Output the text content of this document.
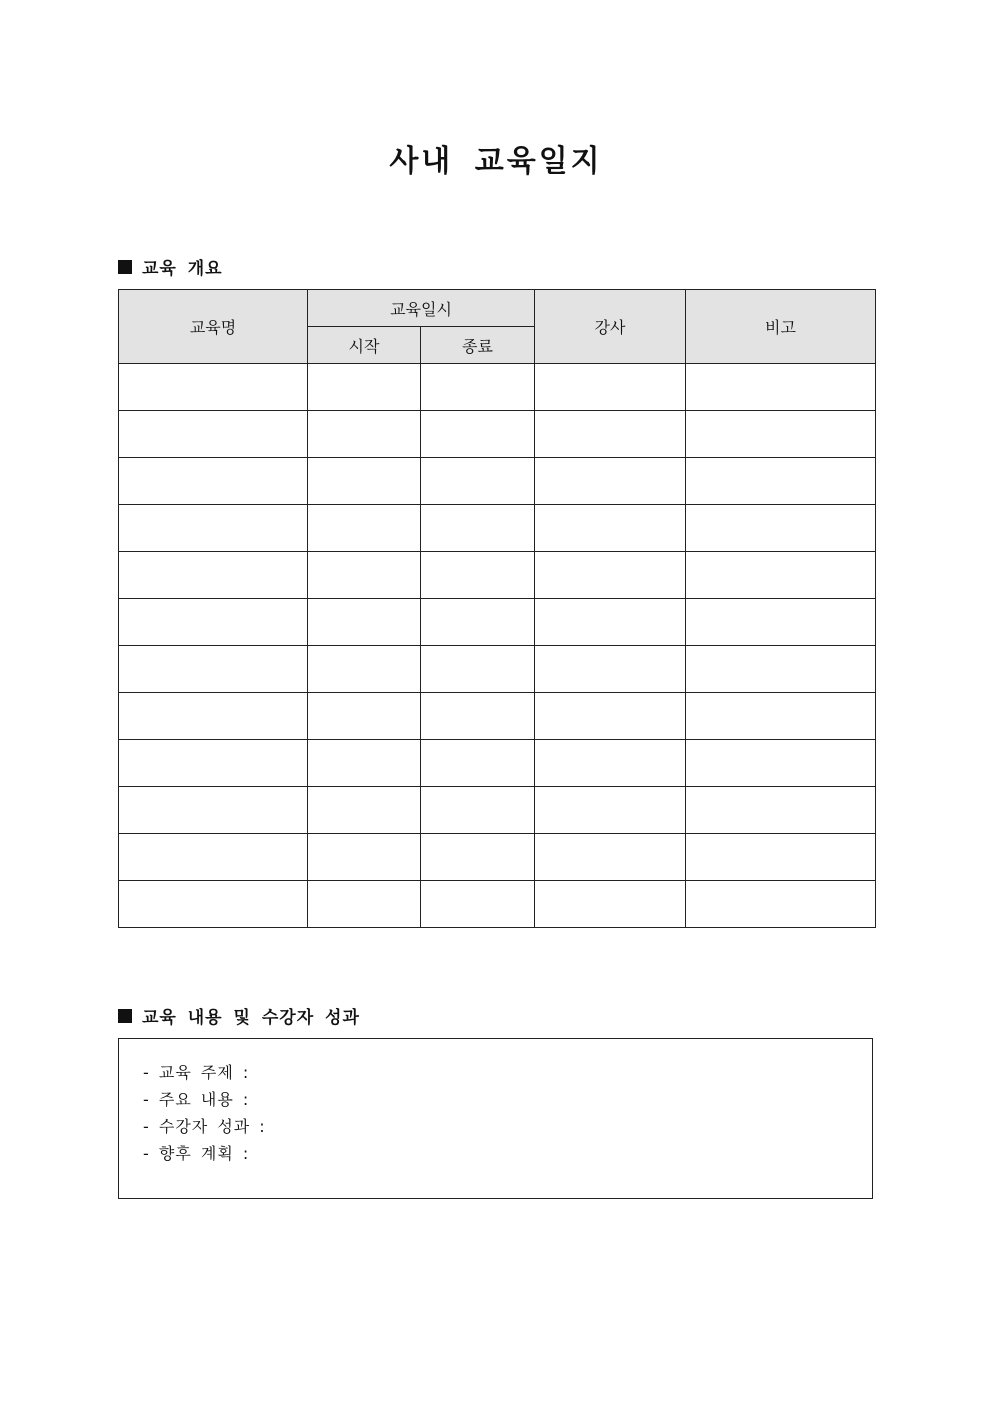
사내 교육일지
교육 개요
교육명	교육일시		강사	비고
	시작	종료		

교육 내용 및 수강자 성과
- 교육 주제 :
- 주요 내용 :
- 수강자 성과 :
- 향후 계획 :
